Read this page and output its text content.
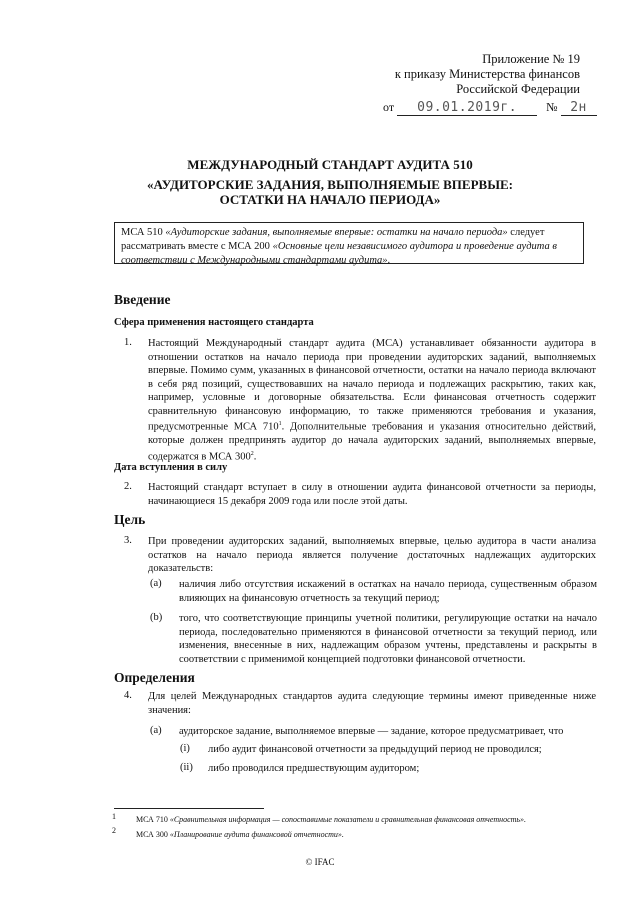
Приложение № 19
к приказу Министерства финансов
Российской Федерации
от 09.01.2019г. № 2н
МЕЖДУНАРОДНЫЙ СТАНДАРТ АУДИТА 510
«АУДИТОРСКИЕ ЗАДАНИЯ, ВЫПОЛНЯЕМЫЕ ВПЕРВЫЕ:
ОСТАТКИ НА НАЧАЛО ПЕРИОДА»
МСА 510 «Аудиторские задания, выполняемые впервые: остатки на начало периода» следует рассматривать вместе с МСА 200 «Основные цели независимого аудитора и проведение аудита в соответствии с Международными стандартами аудита».
Введение
Сфера применения настоящего стандарта
1. Настоящий Международный стандарт аудита (МСА) устанавливает обязанности аудитора в отношении остатков на начало периода при проведении аудиторских заданий, выполняемых впервые. Помимо сумм, указанных в финансовой отчетности, остатки на начало периода включают в себя ряд позиций, существовавших на начало периода и подлежащих раскрытию, таких как, например, условные и договорные обязательства. Если финансовая отчетность содержит сравнительную финансовую информацию, то также применяются требования и указания, предусмотренные МСА $710^1$. Дополнительные требования и указания относительно действий, которые должен предпринять аудитор до начала аудиторских заданий, выполняемых впервые, содержатся в МСА $300^2$.
Дата вступления в силу
2. Настоящий стандарт вступает в силу в отношении аудита финансовой отчетности за периоды, начинающиеся 15 декабря 2009 года или после этой даты.
Цель
3. При проведении аудиторских заданий, выполняемых впервые, целью аудитора в части анализа остатков на начало периода является получение достаточных надлежащих аудиторских доказательств:
(a) наличия либо отсутствия искажений в остатках на начало периода, существенным образом влияющих на финансовую отчетность за текущий период;
(b) того, что соответствующие принципы учетной политики, регулирующие остатки на начало периода, последовательно применяются в финансовой отчетности за текущий период, или изменения, внесенные в них, надлежащим образом учтены, представлены и раскрыты в соответствии с применимой концепцией подготовки финансовой отчетности.
Определения
4. Для целей Международных стандартов аудита следующие термины имеют приведенные ниже значения:
(a) аудиторское задание, выполняемое впервые — задание, которое предусматривает, что
(i) либо аудит финансовой отчетности за предыдущий период не проводился;
(ii) либо проводился предшествующим аудитором;
1	МСА 710 «Сравнительная информация — сопоставимые показатели и сравнительная финансовая отчетность».
2	МСА 300 «Планирование аудита финансовой отчетности».
© IFAC
